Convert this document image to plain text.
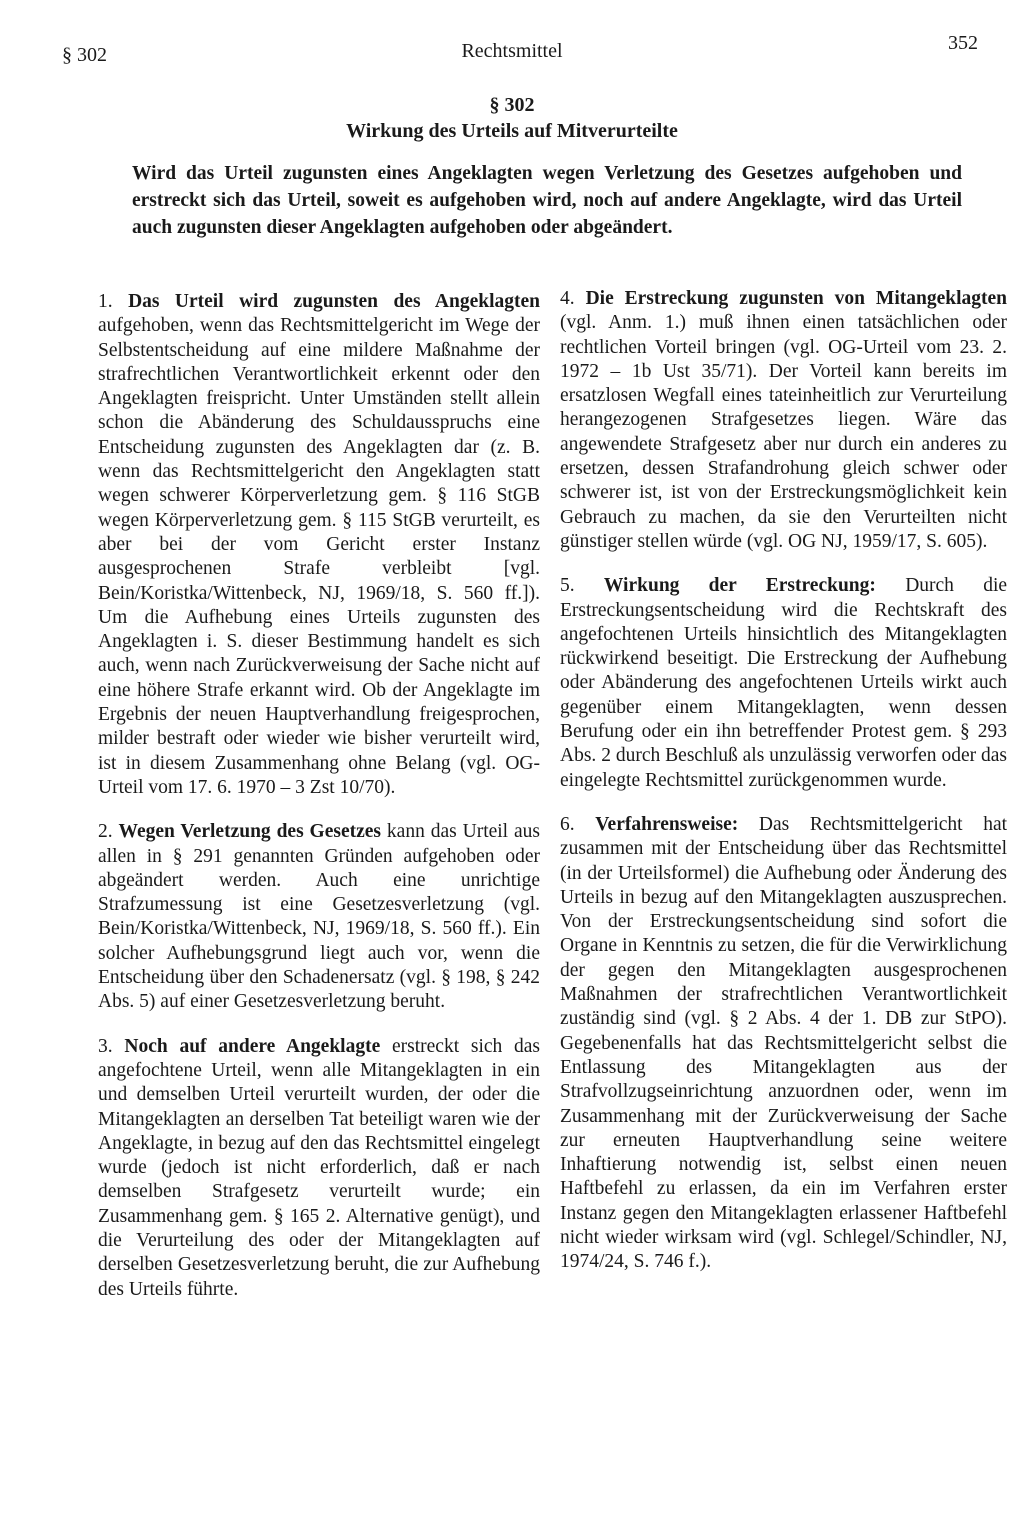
§ 302	Rechtsmittel	352
§ 302
Wirkung des Urteils auf Mitverurteilte
Wird das Urteil zugunsten eines Angeklagten wegen Verletzung des Gesetzes aufgehoben und erstreckt sich das Urteil, soweit es aufgehoben wird, noch auf andere Angeklagte, wird das Urteil auch zugunsten dieser Angeklagten aufgehoben oder abgeändert.

1. Das Urteil wird zugunsten des Angeklagten aufgehoben, wenn das Rechtsmittelgericht im Wege der Selbstentscheidung auf eine mildere Maßnahme der strafrechtlichen Verantwortlichkeit erkennt oder den Angeklagten freispricht. Unter Umständen stellt allein schon die Abänderung des Schuldausspruchs eine Entscheidung zugunsten des Angeklagten dar (z. B. wenn das Rechtsmittelgericht den Angeklagten statt wegen schwerer Körperverletzung gem. § 116 StGB wegen Körperverletzung gem. § 115 StGB verurteilt, es aber bei der vom Gericht erster Instanz ausgesprochenen Strafe verbleibt [vgl. Bein/Koristka/Wittenbeck, NJ, 1969/18, S. 560 ff.]). Um die Aufhebung eines Urteils zugunsten des Angeklagten i. S. dieser Bestimmung handelt es sich auch, wenn nach Zurückverweisung der Sache nicht auf eine höhere Strafe erkannt wird. Ob der Angeklagte im Ergebnis der neuen Hauptverhandlung freigesprochen, milder bestraft oder wieder wie bisher verurteilt wird, ist in diesem Zusammenhang ohne Belang (vgl. OG-Urteil vom 17. 6. 1970 – 3 Zst 10/70).

2. Wegen Verletzung des Gesetzes kann das Urteil aus allen in § 291 genannten Gründen aufgehoben oder abgeändert werden. Auch eine unrichtige Strafzumessung ist eine Gesetzesverletzung (vgl. Bein/Koristka/Wittenbeck, NJ, 1969/18, S. 560 ff.). Ein solcher Aufhebungsgrund liegt auch vor, wenn die Entscheidung über den Schadenersatz (vgl. § 198, § 242 Abs. 5) auf einer Gesetzesverletzung beruht.

3. Noch auf andere Angeklagte erstreckt sich das angefochtene Urteil, wenn alle Mitangeklagten in ein und demselben Urteil verurteilt wurden, der oder die Mitangeklagten an derselben Tat beteiligt waren wie der Angeklagte, in bezug auf den das Rechtsmittel eingelegt wurde (jedoch ist nicht erforderlich, daß er nach demselben Strafgesetz verurteilt wurde; ein Zusammenhang gem. § 165 2. Alternative genügt), und die Verurteilung des oder der Mitangeklagten auf derselben Gesetzesverletzung beruht, die zur Aufhebung des Urteils führte.

4. Die Erstreckung zugunsten von Mitangeklagten (vgl. Anm. 1.) muß ihnen einen tatsächlichen oder rechtlichen Vorteil bringen (vgl. OG-Urteil vom 23. 2. 1972 – 1b Ust 35/71). Der Vorteil kann bereits im ersatzlosen Wegfall eines tateinheitlich zur Verurteilung herangezogenen Strafgesetzes liegen. Wäre das angewendete Strafgesetz aber nur durch ein anderes zu ersetzen, dessen Strafandrohung gleich schwer oder schwerer ist, ist von der Erstreckungsmöglichkeit kein Gebrauch zu machen, da sie den Verurteilten nicht günstiger stellen würde (vgl. OG NJ, 1959/17, S. 605).

5. Wirkung der Erstreckung: Durch die Erstreckungsentscheidung wird die Rechtskraft des angefochtenen Urteils hinsichtlich des Mitangeklagten rückwirkend beseitigt. Die Erstreckung der Aufhebung oder Abänderung des angefochtenen Urteils wirkt auch gegenüber einem Mitangeklagten, wenn dessen Berufung oder ein ihn betreffender Protest gem. § 293 Abs. 2 durch Beschluß als unzulässig verworfen oder das eingelegte Rechtsmittel zurückgenommen wurde.

6. Verfahrensweise: Das Rechtsmittelgericht hat zusammen mit der Entscheidung über das Rechtsmittel (in der Urteilsformel) die Aufhebung oder Änderung des Urteils in bezug auf den Mitangeklagten auszusprechen. Von der Erstreckungsentscheidung sind sofort die Organe in Kenntnis zu setzen, die für die Verwirklichung der gegen den Mitangeklagten ausgesprochenen Maßnahmen der strafrechtlichen Verantwortlichkeit zuständig sind (vgl. § 2 Abs. 4 der 1. DB zur StPO). Gegebenenfalls hat das Rechtsmittelgericht selbst die Entlassung des Mitangeklagten aus der Strafvollzugseinrichtung anzuordnen oder, wenn im Zusammenhang mit der Zurückverweisung der Sache zur erneuten Hauptverhandlung seine weitere Inhaftierung notwendig ist, selbst einen neuen Haftbefehl zu erlassen, da ein im Verfahren erster Instanz gegen den Mitangeklagten erlassener Haftbefehl nicht wieder wirksam wird (vgl. Schlegel/Schindler, NJ, 1974/24, S. 746 f.).
